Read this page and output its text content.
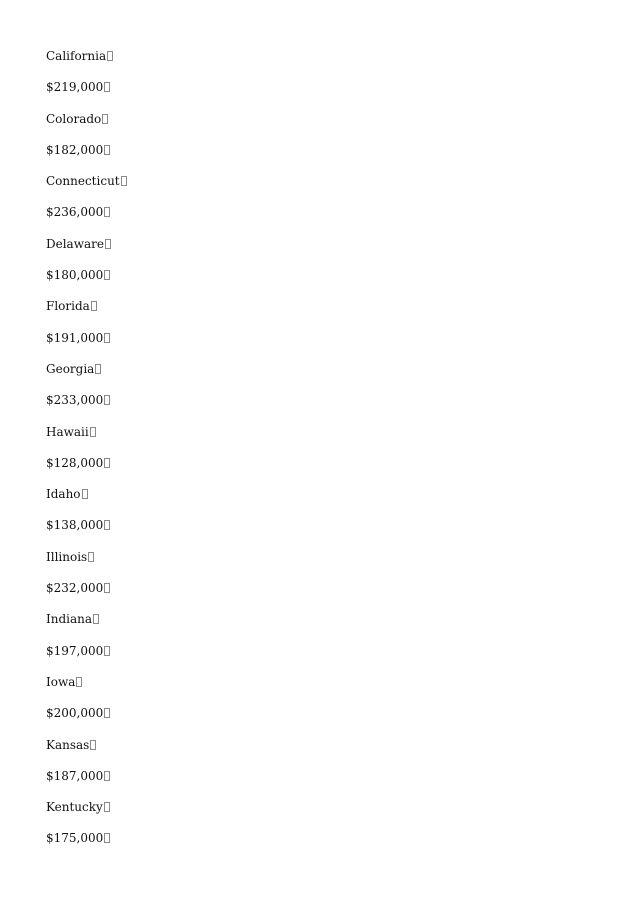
California
$219,000
Colorado
$182,000
Connecticut
$236,000
Delaware
$180,000
Florida
$191,000
Georgia
$233,000
Hawaii
$128,000
Idaho
$138,000
Illinois
$232,000
Indiana
$197,000
Iowa
$200,000
Kansas
$187,000
Kentucky
$175,000
